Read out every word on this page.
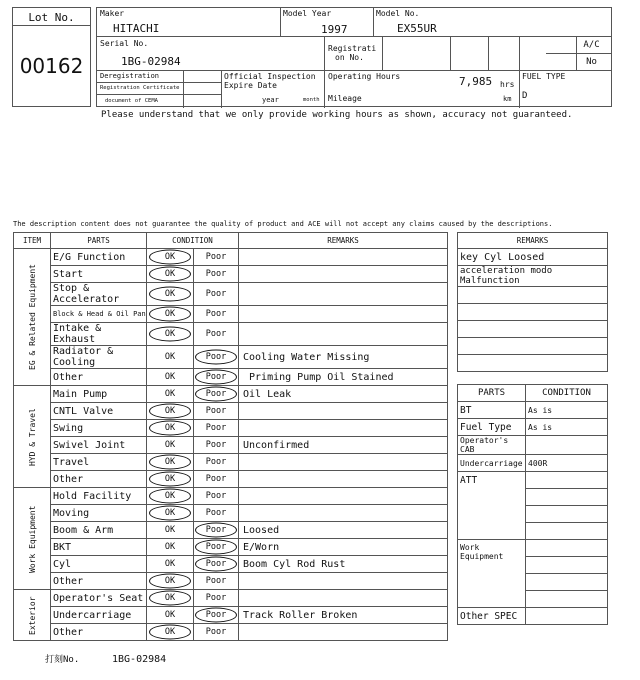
Lot No.
00162
Maker
HITACHI
Model Year
1997
Model No.
EX55UR
Serial No.
1BG-02984
Registrati
on No.
A/C
No
Deregistration
Registration Certificate
document of CEMA
Official Inspection
Expire Date
year	month
Operating Hours	7,985 hrs
Mileage	km
FUEL TYPE
D
Please understand that we only provide working hours as shown, accuracy not guaranteed.
The description content does not guarantee the quality of product and ACE will not accept any claims caused by the descriptions.
ITEM	PARTS	CONDITION		REMARKS
EG & Related Equipment	E/G Function	OK	Poor	
	Start	OK	Poor	
	Stop & Accelerator	OK	Poor	
	Block & Head & Oil Pan	OK	Poor	
	Intake & Exhaust	OK	Poor	
	Radiator & Cooling	OK	Poor	Cooling Water Missing
	Other	OK	Poor	Priming Pump Oil Stained
HYD & Travel	Main Pump	OK	Poor	Oil Leak
	CNTL Valve	OK	Poor	
	Swing	OK	Poor	
	Swivel Joint	OK	Poor	Unconfirmed
	Travel	OK	Poor	
	Other	OK	Poor	
Work Equipment	Hold Facility	OK	Poor	
	Moving	OK	Poor	
	Boom & Arm	OK	Poor	Loosed
	BKT	OK	Poor	E/Worn
	Cyl	OK	Poor	Boom Cyl Rod Rust
	Other	OK	Poor	
Exterior	Operator's Seat	OK	Poor	
	Undercarriage	OK	Poor	Track Roller Broken
	Other	OK	Poor	
REMARKS
key Cyl Loosed
acceleration modo Malfunction

PARTS	CONDITION
BT	As is
Fuel Type	As is
Operator's CAB	
Undercarriage	400R
ATT	

Work Equipment	

Other SPEC	
打刻No.	1BG-02984
